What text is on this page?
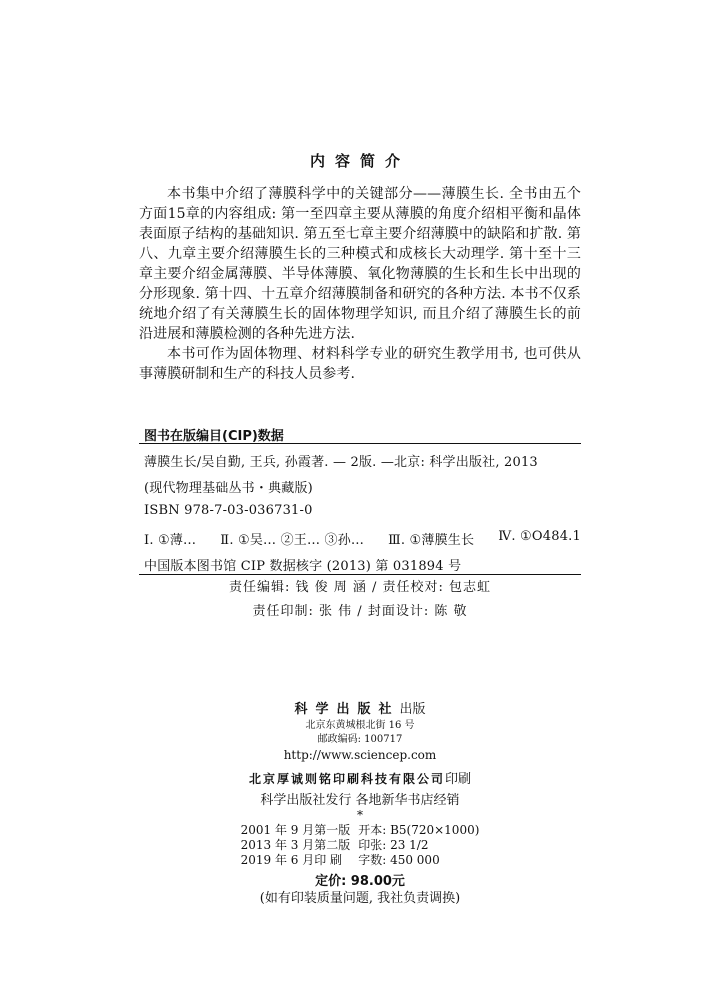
内容简介

本书集中介绍了薄膜科学中的关键部分——薄膜生长. 全书由五个方面15章的内容组成: 第一至四章主要从薄膜的角度介绍相平衡和晶体表面原子结构的基础知识. 第五至七章主要介绍薄膜中的缺陷和扩散. 第八、九章主要介绍薄膜生长的三种模式和成核长大动理学. 第十至十三章主要介绍金属薄膜、半导体薄膜、氧化物薄膜的生长和生长中出现的分形现象. 第十四、十五章介绍薄膜制备和研究的各种方法. 本书不仅系统地介绍了有关薄膜生长的固体物理学知识, 而且介绍了薄膜生长的前沿进展和薄膜检测的各种先进方法.

本书可作为固体物理、材料科学专业的研究生教学用书, 也可供从事薄膜研制和生产的科技人员参考.

图书在版编目(CIP)数据
薄膜生长/吴自勤, 王兵, 孙霞著. — 2版. —北京: 科学出版社, 2013
(现代物理基础丛书・典藏版)
ISBN 978-7-03-036731-0
Ⅰ. ①薄… Ⅱ. ①吴… ②王… ③孙… Ⅲ. ①薄膜生长 Ⅳ. ①O484.1
中国版本图书馆 CIP 数据核字 (2013) 第 031894 号
责任编辑: 钱 俊 周 涵 / 责任校对: 包志虹
责任印制: 张 伟 / 封面设计: 陈 敬
科学出版社出版
北京东黄城根北街 16 号
邮政编码: 100717
http://www.sciencep.com
北京厚诚则铭印刷科技有限公司印刷
科学出版社发行 各地新华书店经销
*
2001 年 9 月第一版	开本: B5(720×1000)
2013 年 3 月第二版	印张: 23 1/2
2019 年 6 月印 刷	字数: 450 000
定价: 98.00元
(如有印装质量问题, 我社负责调换)
